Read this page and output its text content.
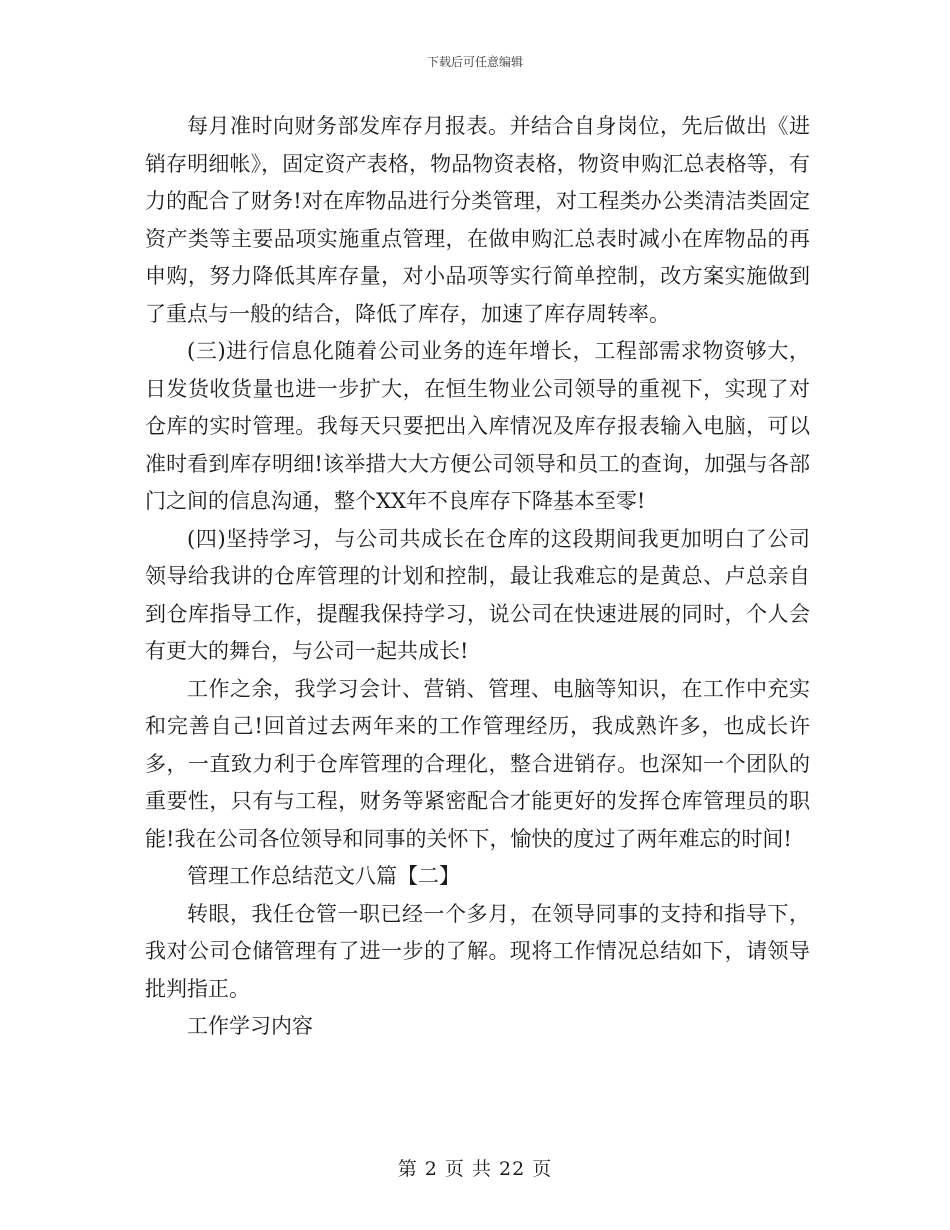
下载后可任意编辑

每月准时向财务部发库存月报表。并结合自身岗位，先后做出《进销存明细帐》，固定资产表格，物品物资表格，物资申购汇总表格等，有力的配合了财务!对在库物品进行分类管理，对工程类办公类清洁类固定资产类等主要品项实施重点管理，在做申购汇总表时减小在库物品的再申购，努力降低其库存量，对小品项等实行简单控制，改方案实施做到了重点与一般的结合，降低了库存，加速了库存周转率。

(三)进行信息化随着公司业务的连年增长，工程部需求物资够大，日发货收货量也进一步扩大，在恒生物业公司领导的重视下，实现了对仓库的实时管理。我每天只要把出入库情况及库存报表输入电脑，可以准时看到库存明细!该举措大大方便公司领导和员工的查询，加强与各部门之间的信息沟通，整个XX年不良库存下降基本至零!

(四)坚持学习，与公司共成长在仓库的这段期间我更加明白了公司领导给我讲的仓库管理的计划和控制，最让我难忘的是黄总、卢总亲自到仓库指导工作，提醒我保持学习，说公司在快速进展的同时，个人会有更大的舞台，与公司一起共成长!

工作之余，我学习会计、营销、管理、电脑等知识，在工作中充实和完善自己!回首过去两年来的工作管理经历，我成熟许多，也成长许多，一直致力利于仓库管理的合理化，整合进销存。也深知一个团队的重要性，只有与工程，财务等紧密配合才能更好的发挥仓库管理员的职能!我在公司各位领导和同事的关怀下，愉快的度过了两年难忘的时间!

管理工作总结范文八篇【二】

转眼，我任仓管一职已经一个多月，在领导同事的支持和指导下，我对公司仓储管理有了进一步的了解。现将工作情况总结如下，请领导批判指正。

工作学习内容

第 2 页 共 22 页
